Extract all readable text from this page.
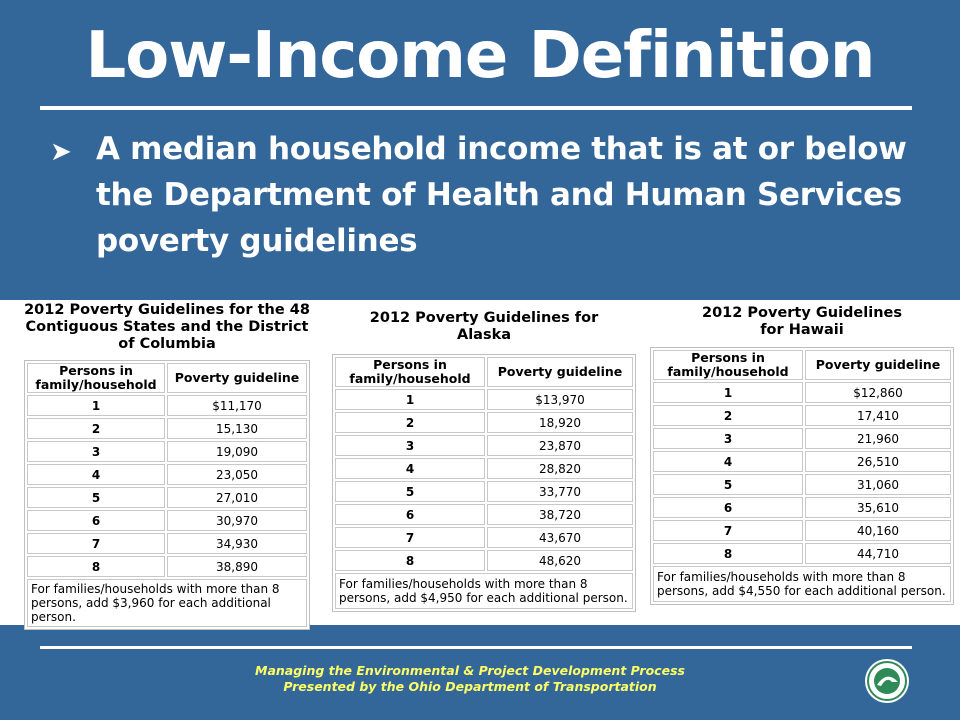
Low-Income Definition
➤ A median household income that is at or below the Department of Health and Human Services poverty guidelines
2012 Poverty Guidelines for the 48 Contiguous States and the District of Columbia
Persons in family/household	Poverty guideline
1	$11,170
2	15,130
3	19,090
4	23,050
5	27,010
6	30,970
7	34,930
8	38,890
For families/households with more than 8 persons, add $3,960 for each additional person.	
2012 Poverty Guidelines for Alaska
Persons in family/household	Poverty guideline
1	$13,970
2	18,920
3	23,870
4	28,820
5	33,770
6	38,720
7	43,670
8	48,620
For families/households with more than 8 persons, add $4,950 for each additional person.	
2012 Poverty Guidelines for Hawaii
Persons in family/household	Poverty guideline
1	$12,860
2	17,410
3	21,960
4	26,510
5	31,060
6	35,610
7	40,160
8	44,710
For families/households with more than 8 persons, add $4,550 for each additional person.	
Managing the Environmental & Project Development Process
Presented by the Ohio Department of Transportation
